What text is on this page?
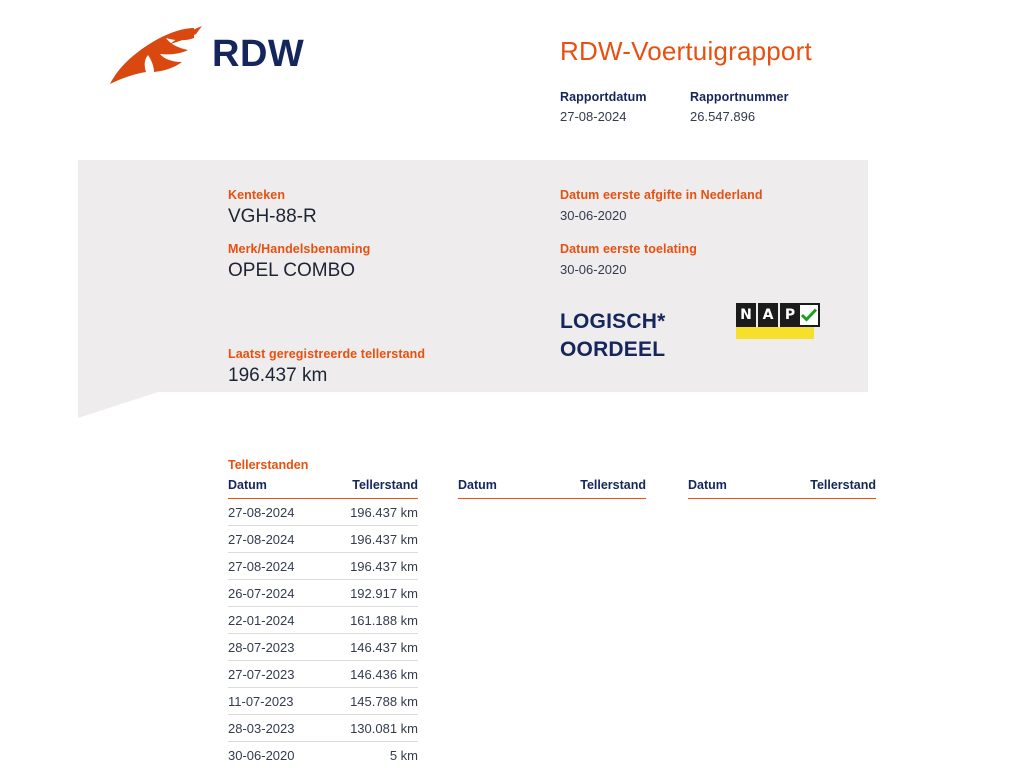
RDW	RDW-Voertuigrapport
Rapportdatum
27-08-2024
Rapportnummer
26.547.896
Kenteken
VGH-88-R
Merk/Handelsbenaming
OPEL COMBO
Laatst geregistreerde tellerstand
196.437 km
Datum eerste afgifte in Nederland
30-06-2020
Datum eerste toelating
30-06-2020
LOGISCH*
OORDEEL
N A P
Tellerstanden
Datum	Tellerstand
27-08-2024	196.437 km
27-08-2024	196.437 km
27-08-2024	196.437 km
26-07-2024	192.917 km
22-01-2024	161.188 km
28-07-2023	146.437 km
27-07-2023	146.436 km
11-07-2023	145.788 km
28-03-2023	130.081 km
30-06-2020	5 km
Datum	Tellerstand	Datum	Tellerstand
